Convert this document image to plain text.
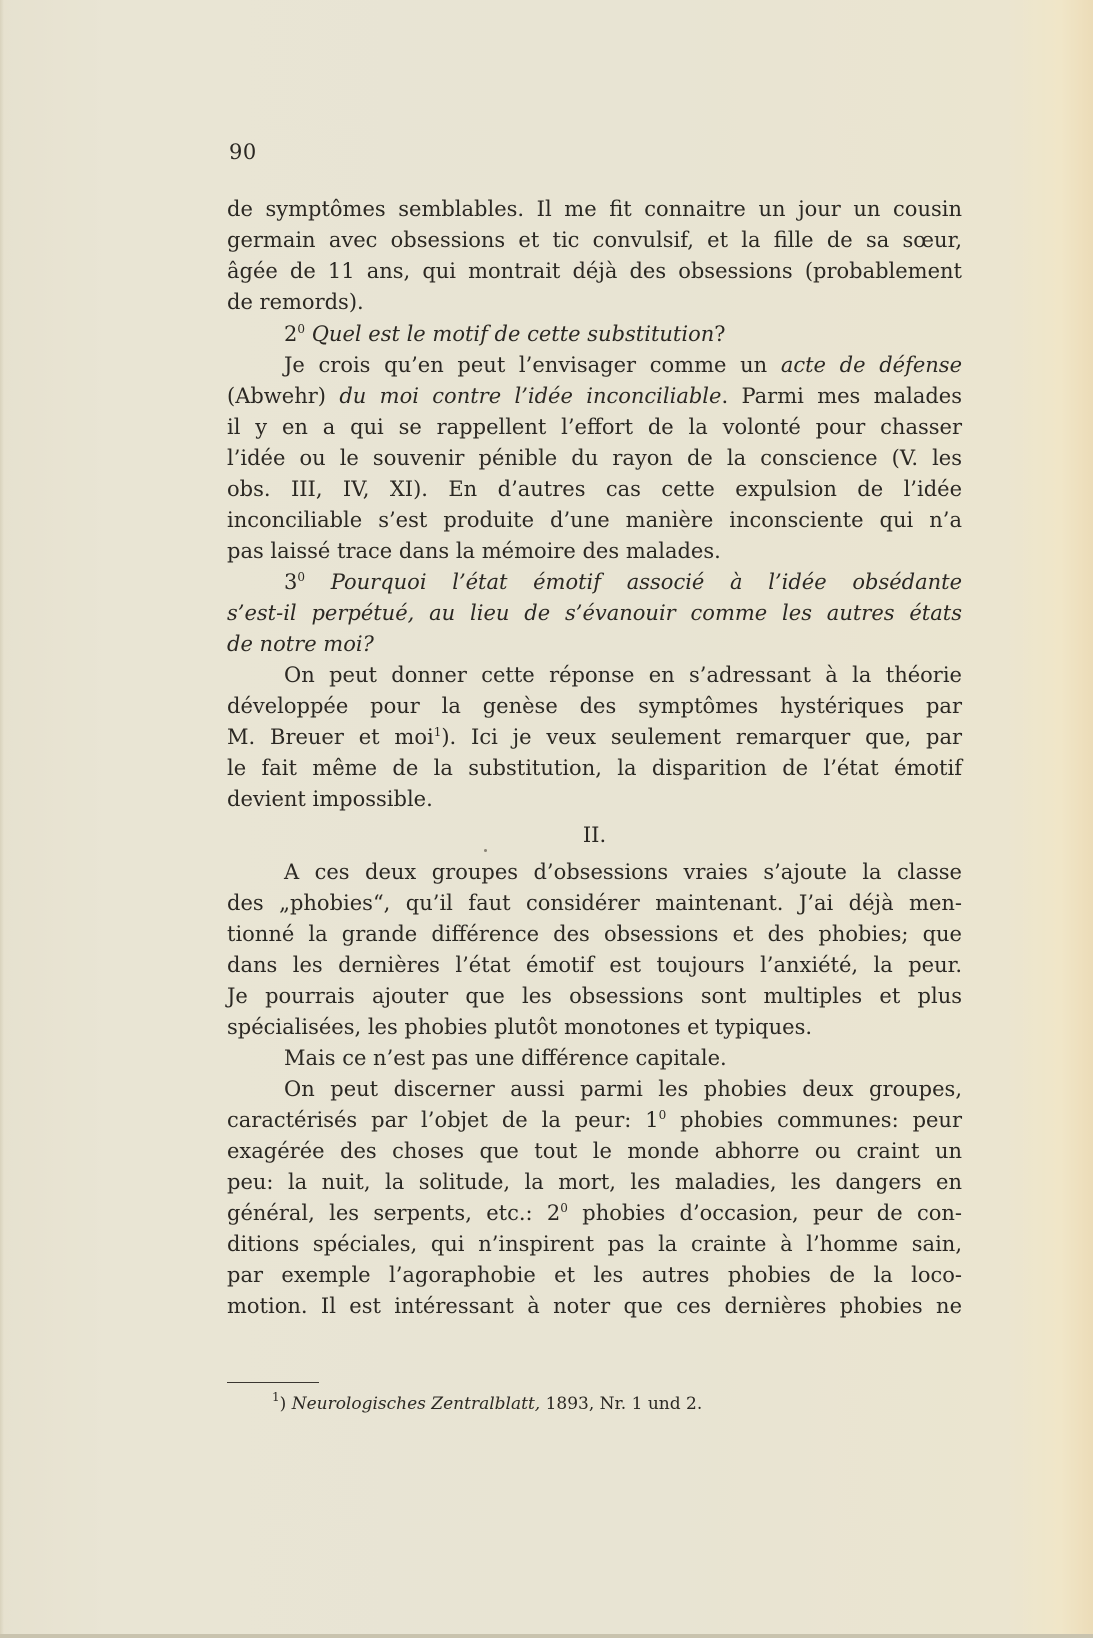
90
de symptômes semblables. Il me fit connaitre un jour un cousin
germain avec obsessions et tic convulsif, et la fille de sa sœur,
âgée de 11 ans, qui montrait déjà des obsessions (probablement
de remords).
$2^0$ Quel est le motif de cette substitution?
Je crois qu’en peut l’envisager comme un acte de défense
(Abwehr) du moi contre l’idée inconciliable. Parmi mes malades
il y en a qui se rappellent l’effort de la volonté pour chasser
l’idée ou le souvenir pénible du rayon de la conscience (V. les
obs. III, IV, XI). En d’autres cas cette expulsion de l’idée
inconciliable s’est produite d’une manière inconsciente qui n’a
pas laissé trace dans la mémoire des malades.
$3^0$ Pourquoi l’état émotif associé à l’idée obsédante
s’est-il perpétué, au lieu de s’évanouir comme les autres états
de notre moi?
On peut donner cette réponse en s’adressant à la théorie
développée pour la genèse des symptômes hystériques par
M. Breuer et moi$^1$). Ici je veux seulement remarquer que, par
le fait même de la substitution, la disparition de l’état émotif
devient impossible.
II.
A ces deux groupes d’obsessions vraies s’ajoute la classe
des „phobies“, qu’il faut considérer maintenant. J’ai déjà men-
tionné la grande différence des obsessions et des phobies; que
dans les dernières l’état émotif est toujours l’anxiété, la peur.
Je pourrais ajouter que les obsessions sont multiples et plus
spécialisées, les phobies plutôt monotones et typiques.
Mais ce n’est pas une différence capitale.
On peut discerner aussi parmi les phobies deux groupes,
caractérisés par l’objet de la peur: $1^0$ phobies communes: peur
exagérée des choses que tout le monde abhorre ou craint un
peu: la nuit, la solitude, la mort, les maladies, les dangers en
général, les serpents, etc.: $2^0$ phobies d’occasion, peur de con-
ditions spéciales, qui n’inspirent pas la crainte à l’homme sain,
par exemple l’agoraphobie et les autres phobies de la loco-
motion. Il est intéressant à noter que ces dernières phobies ne
$^1$) Neurologisches Zentralblatt, 1893, Nr. 1 und 2.
